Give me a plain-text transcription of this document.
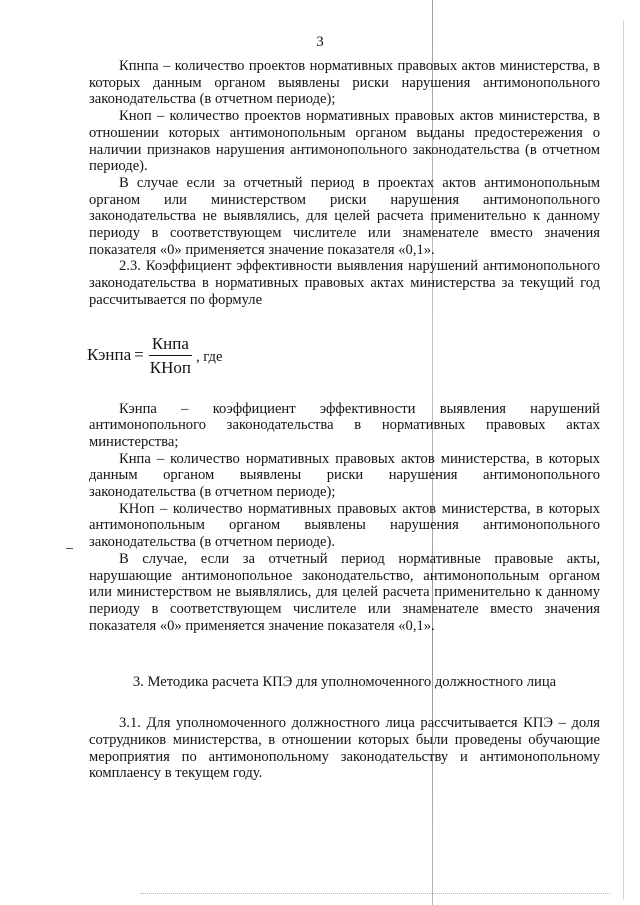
3

Кпнпа – количество проектов нормативных правовых актов министерства, в которых данным органом выявлены риски нарушения антимонопольного законодательства (в отчетном периоде);

Кноп – количество проектов нормативных правовых актов министерства, в отношении которых антимонопольным органом выданы предостережения о наличии признаков нарушения антимонопольного законодательства (в отчетном периоде).

В случае если за отчетный период в проектах актов антимонопольным органом или министерством риски нарушения антимонопольного законодательства не выявлялись, для целей расчета применительно к данному периоду в соответствующем числителе или знаменателе вместо значения показателя «0» применяется значение показателя «0,1».

2.3. Коэффициент эффективности выявления нарушений антимонопольного законодательства в нормативных правовых актах министерства за текущий год рассчитывается по формуле

Кэнпа = $\frac{\text{Кнпа}}{\text{КНоп}}$ , где

Кэнпа – коэффициент эффективности выявления нарушений антимонопольного законодательства в нормативных правовых актах министерства;

Кнпа – количество нормативных правовых актов министерства, в которых данным органом выявлены риски нарушения антимонопольного законодательства (в отчетном периоде);

КНоп – количество нормативных правовых актов министерства, в которых антимонопольным органом выявлены нарушения антимонопольного законодательства (в отчетном периоде).

В случае, если за отчетный период нормативные правовые акты, нарушающие антимонопольное законодательство, антимонопольным органом или министерством не выявлялись, для целей расчета применительно к данному периоду в соответствующем числителе или знаменателе вместо значения показателя «0» применяется значение показателя «0,1».

3. Методика расчета КПЭ для уполномоченного должностного лица

3.1. Для уполномоченного должностного лица рассчитывается КПЭ – доля сотрудников министерства, в отношении которых были проведены обучающие мероприятия по антимонопольному законодательству и антимонопольному комплаенсу в текущем году.
